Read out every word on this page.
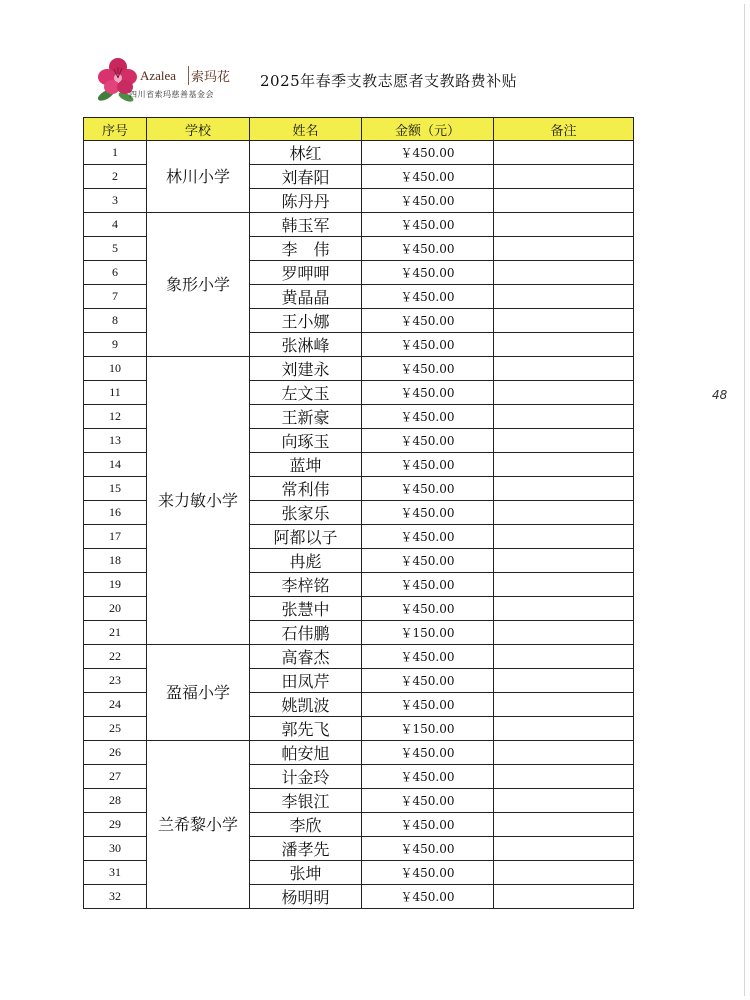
Azalea 索玛花
四川省索玛慈善基金会
2025年春季支教志愿者支教路费补贴
48
序号	学校	姓名	金额（元）	备注
1	林川小学	林红	￥450.00	
2		刘春阳	￥450.00	
3		陈丹丹	￥450.00	
4	象形小学	韩玉军	￥450.00	
5		李　伟	￥450.00	
6		罗呷呷	￥450.00	
7		黄晶晶	￥450.00	
8		王小娜	￥450.00	
9		张淋峰	￥450.00	
10	来力敏小学	刘建永	￥450.00	
11		左文玉	￥450.00	
12		王新豪	￥450.00	
13		向琢玉	￥450.00	
14		蓝坤	￥450.00	
15		常利伟	￥450.00	
16		张家乐	￥450.00	
17		阿都以子	￥450.00	
18		冉彪	￥450.00	
19		李梓铭	￥450.00	
20		张慧中	￥450.00	
21		石伟鹏	￥150.00	
22	盈福小学	高睿杰	￥450.00	
23		田凤芹	￥450.00	
24		姚凯波	￥450.00	
25		郭先飞	￥150.00	
26	兰希黎小学	帕安旭	￥450.00	
27		计金玲	￥450.00	
28		李银江	￥450.00	
29		李欣	￥450.00	
30		潘孝先	￥450.00	
31		张坤	￥450.00	
32		杨明明	￥450.00	
